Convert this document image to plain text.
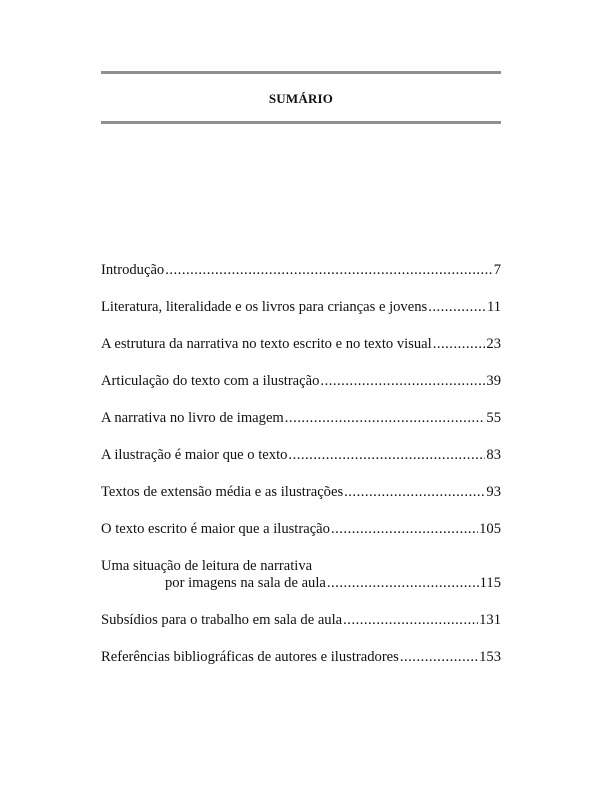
SUMÁRIO
Introdução .....	7
Literatura, literalidade e os livros para crianças e jovens .....	11
A estrutura da narrativa no texto escrito e no texto visual .....	23
Articulação do texto com a ilustração .....	39
A narrativa no livro de imagem .....	55
A ilustração é maior que o texto .....	83
Textos de extensão média e as ilustrações .....	93
O texto escrito é maior que a ilustração .....	105
Uma situação de leitura de narrativa
por imagens na sala de aula .....	115
Subsídios para o trabalho em sala de aula .....	131
Referências bibliográficas de autores e ilustradores .....	153
